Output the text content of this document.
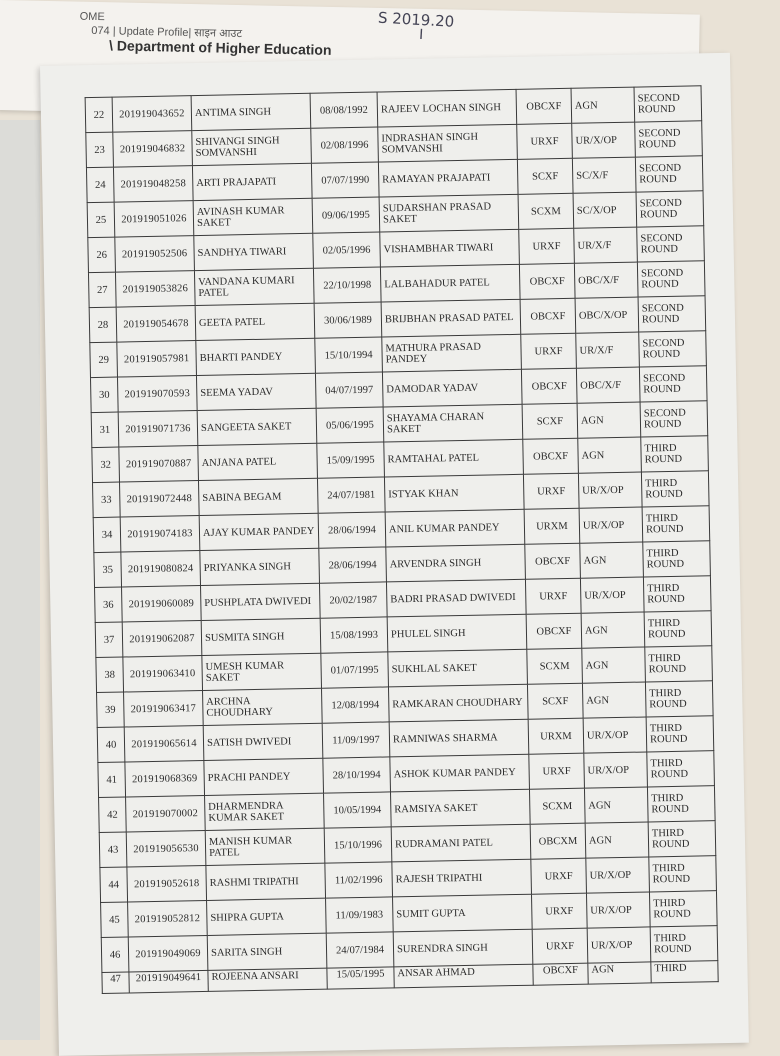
OME
074 | Update Profile| साइन आउट
\ Department of Higher Education
S 2019.20
I
22	201919043652	ANTIMA SINGH	08/08/1992	RAJEEV LOCHAN SINGH	OBCXF	AGN	SECOND ROUND
23	201919046832	SHIVANGI SINGH SOMVANSHI	02/08/1996	INDRASHAN SINGH SOMVANSHI	URXF	UR/X/OP	SECOND ROUND
24	201919048258	ARTI PRAJAPATI	07/07/1990	RAMAYAN PRAJAPATI	SCXF	SC/X/F	SECOND ROUND
25	201919051026	AVINASH KUMAR SAKET	09/06/1995	SUDARSHAN PRASAD SAKET	SCXM	SC/X/OP	SECOND ROUND
26	201919052506	SANDHYA TIWARI	02/05/1996	VISHAMBHAR TIWARI	URXF	UR/X/F	SECOND ROUND
27	201919053826	VANDANA KUMARI PATEL	22/10/1998	LALBAHADUR PATEL	OBCXF	OBC/X/F	SECOND ROUND
28	201919054678	GEETA PATEL	30/06/1989	BRIJBHAN PRASAD PATEL	OBCXF	OBC/X/OP	SECOND ROUND
29	201919057981	BHARTI PANDEY	15/10/1994	MATHURA PRASAD PANDEY	URXF	UR/X/F	SECOND ROUND
30	201919070593	SEEMA YADAV	04/07/1997	DAMODAR YADAV	OBCXF	OBC/X/F	SECOND ROUND
31	201919071736	SANGEETA SAKET	05/06/1995	SHAYAMA CHARAN SAKET	SCXF	AGN	SECOND ROUND
32	201919070887	ANJANA PATEL	15/09/1995	RAMTAHAL PATEL	OBCXF	AGN	THIRD ROUND
33	201919072448	SABINA BEGAM	24/07/1981	ISTYAK KHAN	URXF	UR/X/OP	THIRD ROUND
34	201919074183	AJAY KUMAR PANDEY	28/06/1994	ANIL KUMAR PANDEY	URXM	UR/X/OP	THIRD ROUND
35	201919080824	PRIYANKA SINGH	28/06/1994	ARVENDRA SINGH	OBCXF	AGN	THIRD ROUND
36	201919060089	PUSHPLATA DWIVEDI	20/02/1987	BADRI PRASAD DWIVEDI	URXF	UR/X/OP	THIRD ROUND
37	201919062087	SUSMITA SINGH	15/08/1993	PHULEL SINGH	OBCXF	AGN	THIRD ROUND
38	201919063410	UMESH KUMAR SAKET	01/07/1995	SUKHLAL SAKET	SCXM	AGN	THIRD ROUND
39	201919063417	ARCHNA CHOUDHARY	12/08/1994	RAMKARAN CHOUDHARY	SCXF	AGN	THIRD ROUND
40	201919065614	SATISH DWIVEDI	11/09/1997	RAMNIWAS SHARMA	URXM	UR/X/OP	THIRD ROUND
41	201919068369	PRACHI PANDEY	28/10/1994	ASHOK KUMAR PANDEY	URXF	UR/X/OP	THIRD ROUND
42	201919070002	DHARMENDRA KUMAR SAKET	10/05/1994	RAMSIYA SAKET	SCXM	AGN	THIRD ROUND
43	201919056530	MANISH KUMAR PATEL	15/10/1996	RUDRAMANI PATEL	OBCXM	AGN	THIRD ROUND
44	201919052618	RASHMI TRIPATHI	11/02/1996	RAJESH TRIPATHI	URXF	UR/X/OP	THIRD ROUND
45	201919052812	SHIPRA GUPTA	11/09/1983	SUMIT GUPTA	URXF	UR/X/OP	THIRD ROUND
46	201919049069	SARITA SINGH	24/07/1984	SURENDRA SINGH	URXF	UR/X/OP	THIRD ROUND
47	201919049641	ROJEENA ANSARI	15/05/1995	ANSAR AHMAD	OBCXF	AGN	THIRD
